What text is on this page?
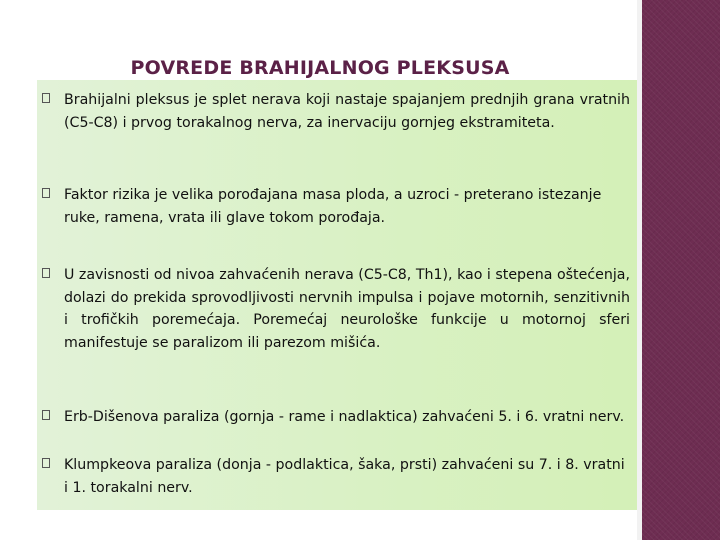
POVREDE BRAHIJALNOG PLEKSUSA

Brahijalni pleksus je splet nerava koji nastaje spajanjem prednjih grana vratnih (C5-C8) i prvog torakalnog nerva, za inervaciju gornjeg ekstramiteta.

Faktor rizika je velika porođajana masa ploda, a uzroci - preterano istezanje ruke, ramena, vrata ili glave tokom porođaja.

U zavisnosti od nivoa zahvaćenih nerava (C5-C8, Th1), kao i stepena oštećenja, dolazi do prekida sprovodljivosti nervnih impulsa i pojave motornih, senzitivnih i trofičkih poremećaja. Poremećaj neurološke funkcije u motornoj sferi manifestuje se paralizom ili parezom mišića.

Erb-Dišenova paraliza (gornja - rame i nadlaktica) zahvaćeni 5. i 6. vratni nerv.

Klumpkeova paraliza (donja - podlaktica, šaka, prsti) zahvaćeni su 7. i 8. vratni i 1. torakalni nerv.
